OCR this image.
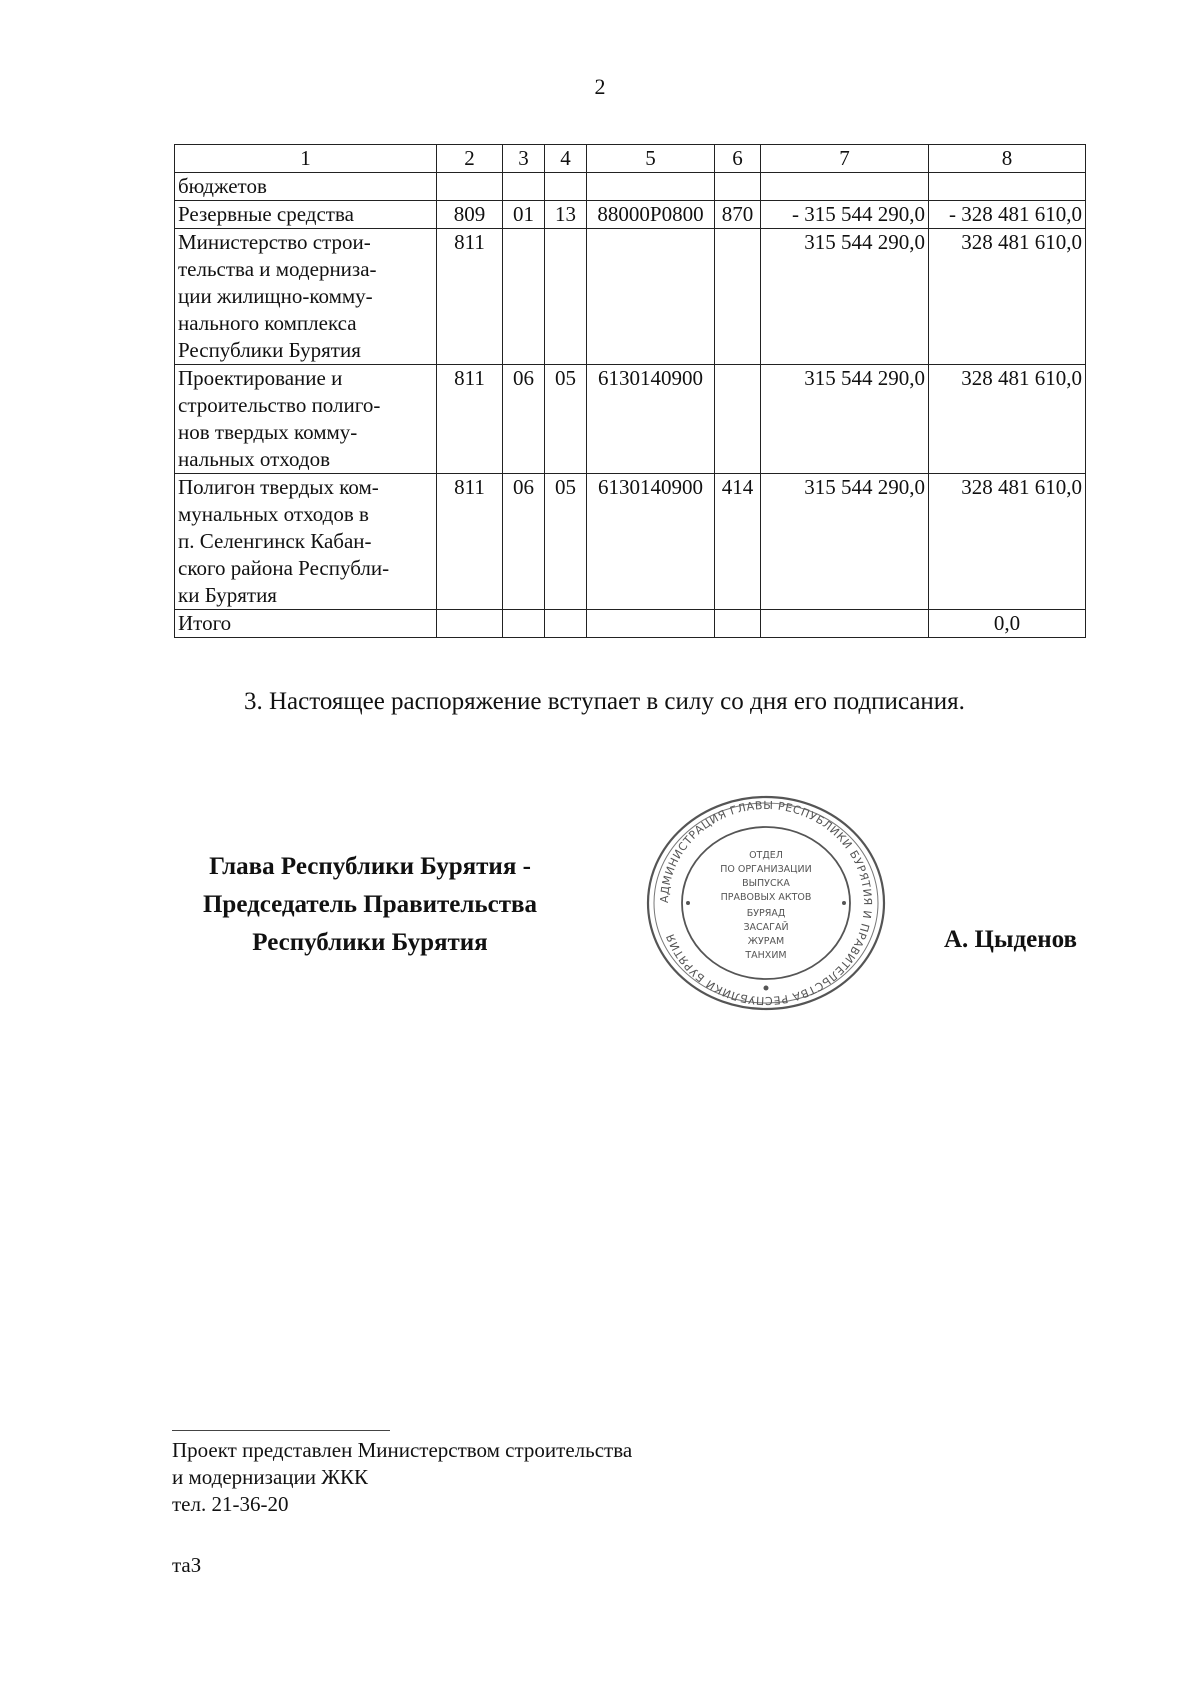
2
1	2	3	4	5	6	7	8
бюджетов							
Резервные средства	809	01	13	88000Р0800	870	- 315 544 290,0	- 328 481 610,0
Министерство строи-
тельства и модерниза-
ции жилищно-комму-
нального комплекса
Республики Бурятия	811					315 544 290,0	328 481 610,0
Проектирование и
строительство полиго-
нов твердых комму-
нальных отходов	811	06	05	6130140900		315 544 290,0	328 481 610,0
Полигон твердых ком-
мунальных отходов в
п. Селенгинск Кабан-
ского района Республи-
ки Бурятия	811	06	05	6130140900	414	315 544 290,0	328 481 610,0
Итого							0,0
3. Настоящее распоряжение вступает в силу со дня его подписания.
Глава Республики Бурятия -
Председатель Правительства
Республики Бурятия
АДМИНИСТРАЦИЯ ГЛАВЫ РЕСПУБЛИКИ БУРЯТИЯ И ПРАВИТЕЛЬСТВА РЕСПУБЛИКИ БУРЯТИЯ
ОТДЕЛ
ПО ОРГАНИЗАЦИИ
ВЫПУСКА
ПРАВОВЫХ АКТОВ
БУРЯАД
ЗАСАГАЙ
ЖУРАМ
ТАНХИМ
А. Цыденов
Проект представлен Министерством строительства
и модернизации ЖКК
тел. 21-36-20
таЗ
